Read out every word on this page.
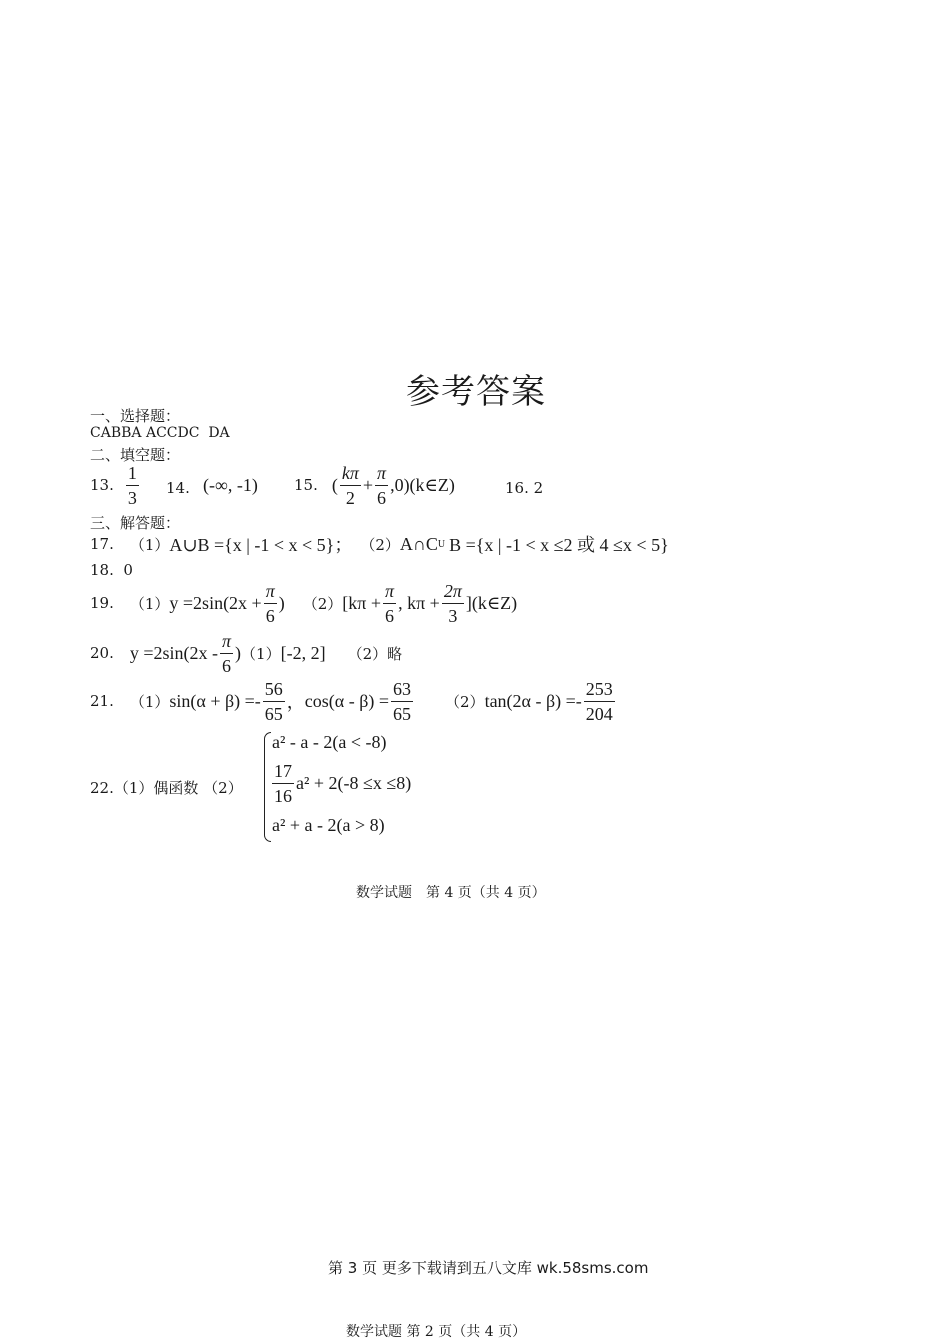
参考答案
一、选择题：
CABBA ACCDC  DA
二、填空题：
13. $\frac{1}{3} 14$. (-∞, -1) 15. ( $\frac{k\pi}{2} + \frac{\pi}{6}$ ,0)(k∈Z)	16. 2
三、解答题：
17. （1） A∪B ={x | -1 < x < 5}； （2） A∩C U B ={x | -1 < x ≤2 或 4 ≤x < 5}
18.  0
19. （1） $y =2\sin(2x + \frac{\pi}{6}$ ) （2） [$k\pi + \frac{\pi}{6}$ , $k\pi + \frac{2\pi}{3}$ ](k∈Z)
20. $y =2\sin(2x - \frac{\pi}{6}$ ) （1） [-2, 2] （2）略
21. （1） $\sin(\alpha + \beta) =- \frac{56}{65}$ ， $\cos(\alpha - \beta) = \frac{63}{65} (2)$ $\tan(2\alpha - \beta) =- \frac{253}{204}$
22.（1）偶函数 （2）
a² - a - 2(a < -8)
$\frac{17}{16} a^2 + 2(-8 \le x \le 8)$
a² + a - 2(a > 8)
数学试题　第 4 页（共 4 页）
第 3 页 更多下载请到五八文库 wk.58sms.com
数学试题 第 2 页（共 4 页）
